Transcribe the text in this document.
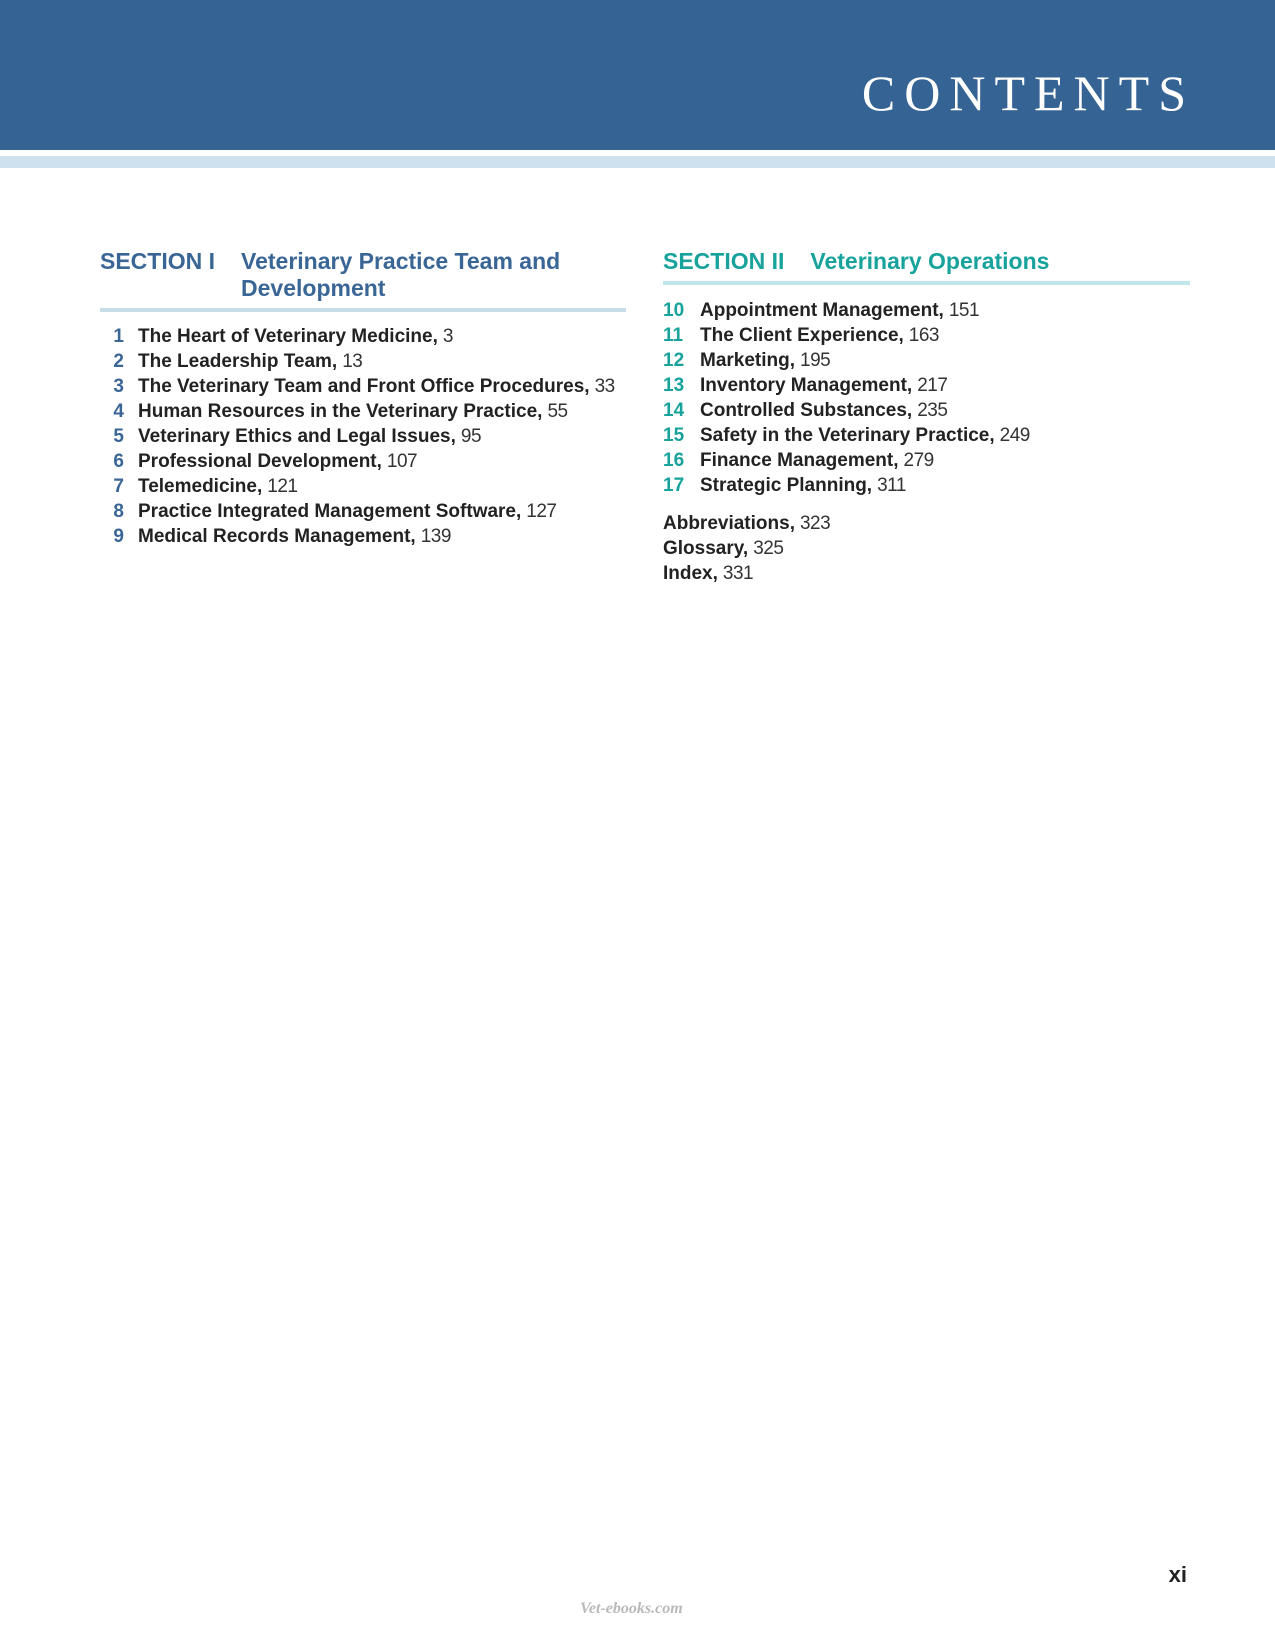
CONTENTS
SECTION I Veterinary Practice Team and Development
1 The Heart of Veterinary Medicine, 3
2 The Leadership Team, 13
3 The Veterinary Team and Front Office Procedures, 33
4 Human Resources in the Veterinary Practice, 55
5 Veterinary Ethics and Legal Issues, 95
6 Professional Development, 107
7 Telemedicine, 121
8 Practice Integrated Management Software, 127
9 Medical Records Management, 139
SECTION II Veterinary Operations
10 Appointment Management, 151
11 The Client Experience, 163
12 Marketing, 195
13 Inventory Management, 217
14 Controlled Substances, 235
15 Safety in the Veterinary Practice, 249
16 Finance Management, 279
17 Strategic Planning, 311
Abbreviations, 323
Glossary, 325
Index, 331
xi
Vet-ebooks.com
